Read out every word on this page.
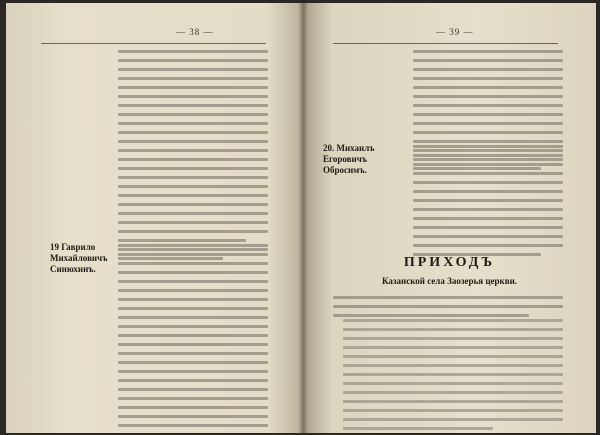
— 38 —
19 Гаврило Михайловичъ Синюхинъ.
— 39 —
20. Михаилъ Егоровичъ Обросимъ.
ПРИХОДЪ
Казанской села Заозерья церкви.
